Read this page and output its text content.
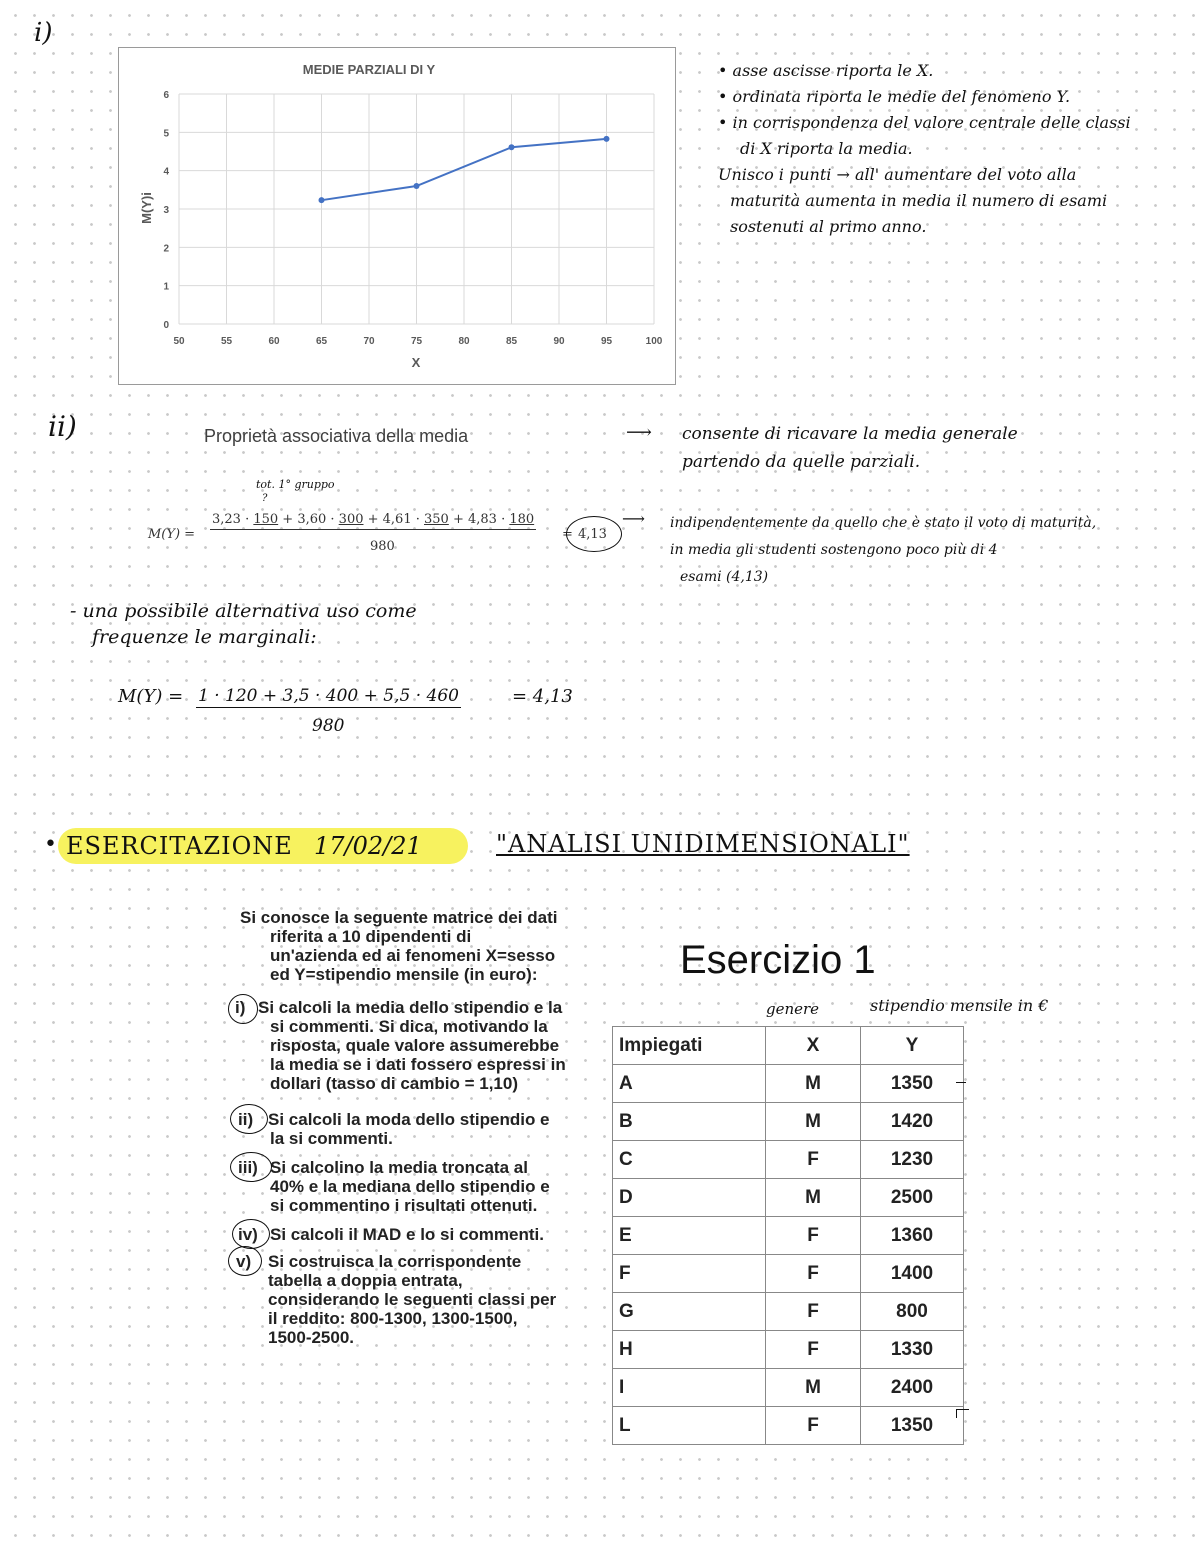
i)
MEDIE PARZIALI DI Y
0
1
2
3
4
5
6
50	55	60	65	70	75	80	85	90	95	100
X
M(Y)i
• asse ascisse riporta le X.
• ordinata riporta le medie del fenomeno Y.
• in corrispondenza del valore centrale delle classi
di X riporta la media.
Unisco i punti → all' aumentare del voto alla
maturità aumenta in media il numero di esami
sostenuti al primo anno.
ii)	Proprietà associativa della media	⟶ consente di ricavare la media generale
partendo da quelle parziali.
tot. 1° gruppo
?
M(Y) =
3,23 · 150 + 3,60 · 300 + 4,61 · 350 + 4,83 · 180
980
= 4,13
⟶ indipendentemente da quello che è stato il voto di maturità,
in media gli studenti sostengono poco più di 4
esami (4,13)
- una possibile alternativa uso come
frequenze le marginali:
M(Y) = 1 · 120 + 3,5 · 400 + 5,5 · 460	= 4,13
980
• ESERCITAZIONE 17/02/21	"ANALISI UNIDIMENSIONALI"
Si conosce la seguente matrice dei dati
riferita a 10 dipendenti di
un'azienda ed ai fenomeni X=sesso
ed Y=stipendio mensile (in euro):
Si calcoli la media dello stipendio e la
si commenti. Si dica, motivando la
risposta, quale valore assumerebbe
la media se i dati fossero espressi in
dollari (tasso di cambio = 1,10)
i)
Si calcoli la moda dello stipendio e
la si commenti.
ii)
Si calcolino la media troncata al
40% e la mediana dello stipendio e
si commentino i risultati ottenuti.
iii)
Si calcoli il MAD e lo si commenti.
iv)
Si costruisca la corrispondente
tabella a doppia entrata,
considerando le seguenti classi per
il reddito: 800-1300, 1300-1500,
1500-2500.
v)
Esercizio 1
genere	stipendio mensile in €
Impiegati	X	Y
A	M	1350
B	M	1420
C	F	1230
D	M	2500
E	F	1360
F	F	1400
G	F	800
H	F	1330
I	M	2400
L	F	1350
